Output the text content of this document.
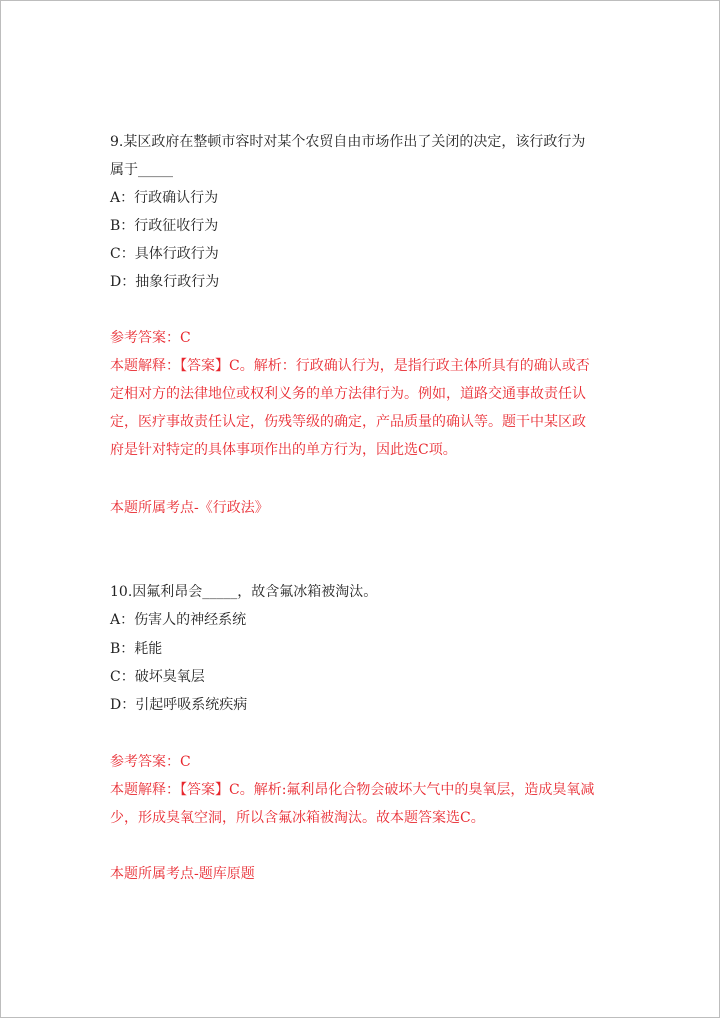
9.某区政府在整顿市容时对某个农贸自由市场作出了关闭的决定，该行政行为
属于_____
A：行政确认行为
B：行政征收行为
C：具体行政行为
D：抽象行政行为
参考答案：C
本题解释：【答案】C。解析：行政确认行为，是指行政主体所具有的确认或否
定相对方的法律地位或权利义务的单方法律行为。例如，道路交通事故责任认
定，医疗事故责任认定，伤残等级的确定，产品质量的确认等。题干中某区政
府是针对特定的具体事项作出的单方行为，因此选C项。
本题所属考点-《行政法》
10.因氟利昂会_____，故含氟冰箱被淘汰。
A：伤害人的神经系统
B：耗能
C：破坏臭氧层
D：引起呼吸系统疾病
参考答案：C
本题解释：【答案】C。解析:氟利昂化合物会破坏大气中的臭氧层，造成臭氧减
少，形成臭氧空洞，所以含氟冰箱被淘汰。故本题答案选C。
本题所属考点-题库原题
